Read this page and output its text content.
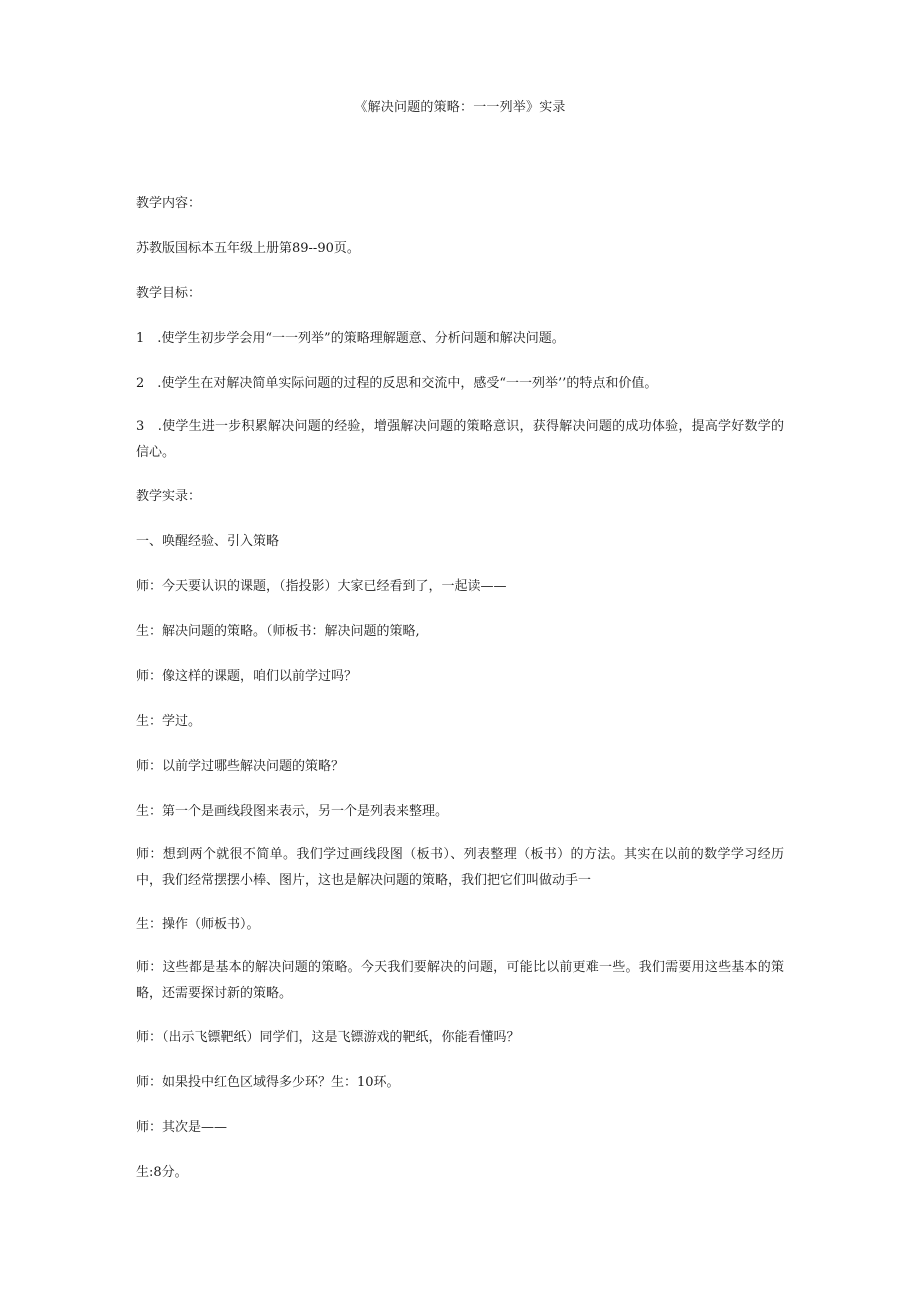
《解决问题的策略：一一列举》实录

教学内容：

苏教版国标本五年级上册第89--90页。

教学目标：

1　.使学生初步学会用“一一列举”的策略理解题意、分析问题和解决问题。

2　.使学生在对解决简单实际问题的过程的反思和交流中，感受“一一列举’’的特点和价值。

3　.使学生进一步积累解决问题的经验，增强解决问题的策略意识，获得解决问题的成功体验，提高学好数学的信心。

教学实录：

一、唤醒经验、引入策略

师：今天要认识的课题，（指投影）大家已经看到了，一起读——

生：解决问题的策略。（师板书：解决问题的策略,

师：像这样的课题，咱们以前学过吗？

生：学过。

师：以前学过哪些解决问题的策略？

生：第一个是画线段图来表示，另一个是列表来整理。

师：想到两个就很不简单。我们学过画线段图（板书）、列表整理（板书）的方法。其实在以前的数学学习经历中，我们经常摆摆小棒、图片，这也是解决问题的策略，我们把它们叫做动手一

生：操作（师板书）。

师：这些都是基本的解决问题的策略。今天我们要解决的问题，可能比以前更难一些。我们需要用这些基本的策略，还需要探讨新的策略。

师：（出示飞镖靶纸）同学们，这是飞镖游戏的靶纸，你能看懂吗？

师：如果投中红色区域得多少环？生：10环。

师：其次是——

生:8分。
